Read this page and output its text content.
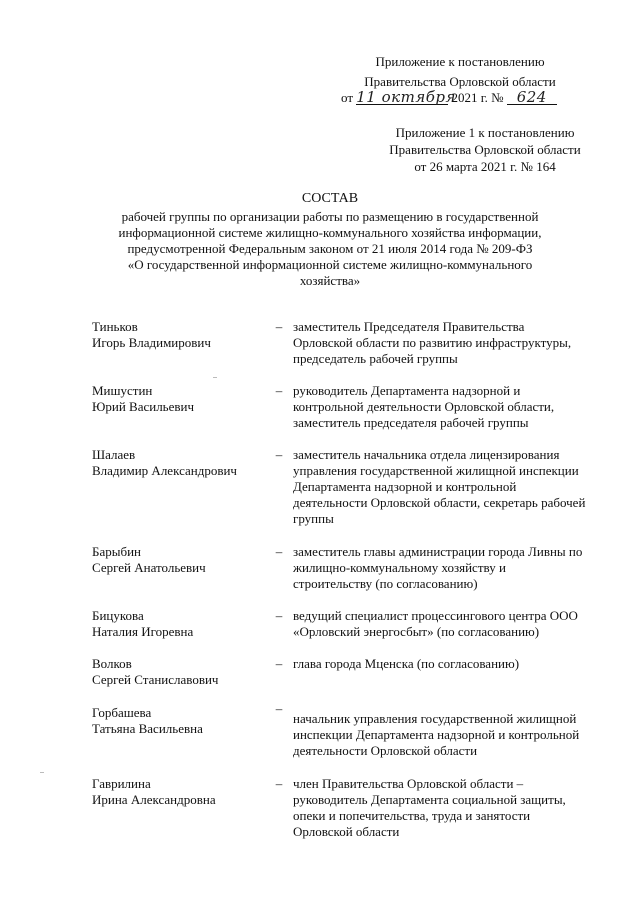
Приложение к постановлению
Правительства Орловской области
от 11 октября 2021 г. № 624
Приложение 1 к постановлению
Правительства Орловской области
от 26 марта 2021 г. № 164
СОСТАВ
рабочей группы по организации работы по размещению в государственной
информационной системе жилищно-коммунального хозяйства информации,
предусмотренной Федеральным законом от 21 июля 2014 года № 209-ФЗ
«О государственной информационной системе жилищно-коммунального
хозяйства»
Тиньков
Игорь Владимирович
– заместитель Председателя Правительства
Орловской области по развитию инфраструктуры,
председатель рабочей группы
Мишустин
Юрий Васильевич
– руководитель Департамента надзорной и
контрольной деятельности Орловской области,
заместитель председателя рабочей группы
Шалаев
Владимир Александрович
– заместитель начальника отдела лицензирования
управления государственной жилищной инспекции
Департамента надзорной и контрольной
деятельности Орловской области, секретарь рабочей
группы
Барыбин
Сергей Анатольевич
– заместитель главы администрации города Ливны по
жилищно-коммунальному хозяйству и
строительству (по согласованию)
Бицукова
Наталия Игоревна
– ведущий специалист процессингового центра ООО
«Орловский энергосбыт» (по согласованию)
Волков
Сергей Станиславович
– глава города Мценска (по согласованию)
Горбашева
Татьяна Васильевна
–
начальник управления государственной жилищной
инспекции Департамента надзорной и контрольной
деятельности Орловской области
Гаврилина
Ирина Александровна
– член Правительства Орловской области –
руководитель Департамента социальной защиты,
опеки и попечительства, труда и занятости
Орловской области
